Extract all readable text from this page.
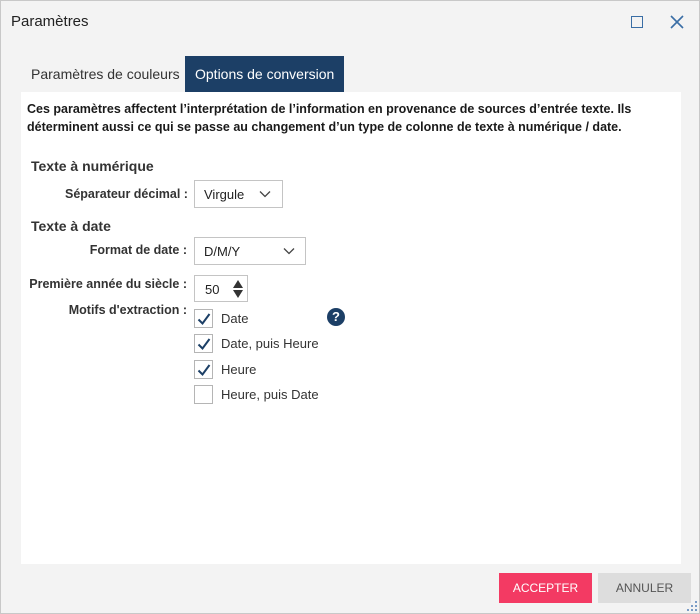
Paramètres
Paramètres de couleurs	Options de conversion
Ces paramètres affectent l’interprétation de l’information en provenance de sources d’entrée texte. Ils déterminent aussi ce qui se passe au changement d’un type de colonne de texte à numérique / date.
Texte à numérique
Séparateur décimal : Virgule
Texte à date
Format de date : D/M/Y
Première année du siècle : 50
Motifs d'extraction :
Date
Date, puis Heure
Heure
Heure, puis Date
?
ACCEPTER	ANNULER
